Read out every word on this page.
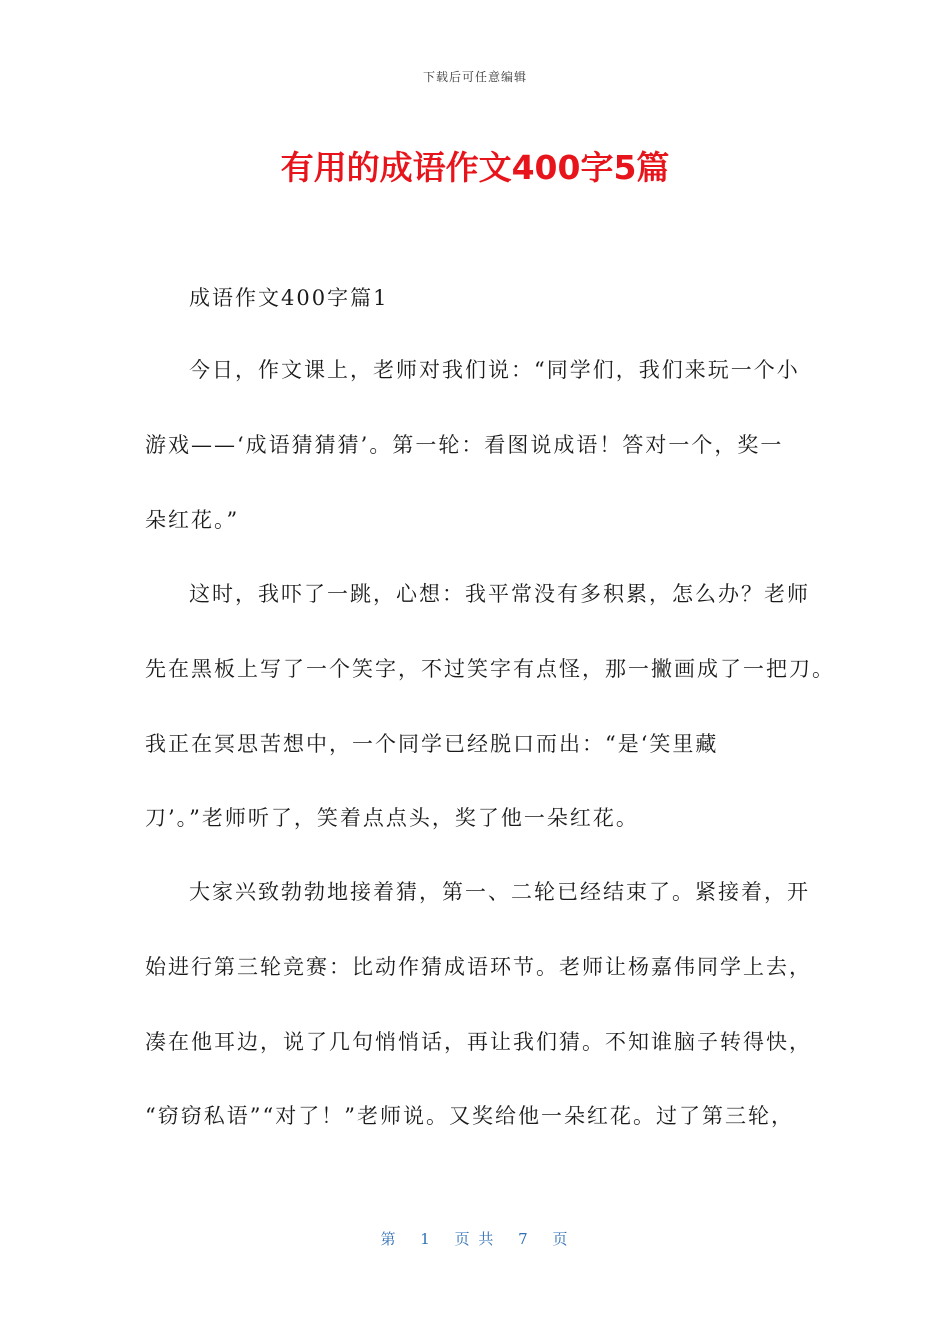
下载后可任意编辑
有用的成语作文400字5篇
成语作文400字篇1
今日，作文课上，老师对我们说：“同学们，我们来玩一个小
游戏——‘成语猜猜猜’。第一轮：看图说成语！答对一个，奖一
朵红花。”
这时，我吓了一跳，心想：我平常没有多积累，怎么办？老师
先在黑板上写了一个笑字，不过笑字有点怪，那一撇画成了一把刀。
我正在冥思苦想中，一个同学已经脱口而出：“是‘笑里藏
刀’。”老师听了，笑着点点头，奖了他一朵红花。
大家兴致勃勃地接着猜，第一、二轮已经结束了。紧接着，开
始进行第三轮竞赛：比动作猜成语环节。老师让杨嘉伟同学上去，
凑在他耳边，说了几句悄悄话，再让我们猜。不知谁脑子转得快，
“窃窃私语”“对了！”老师说。又奖给他一朵红花。过了第三轮，
第 1 页 共 7 页
